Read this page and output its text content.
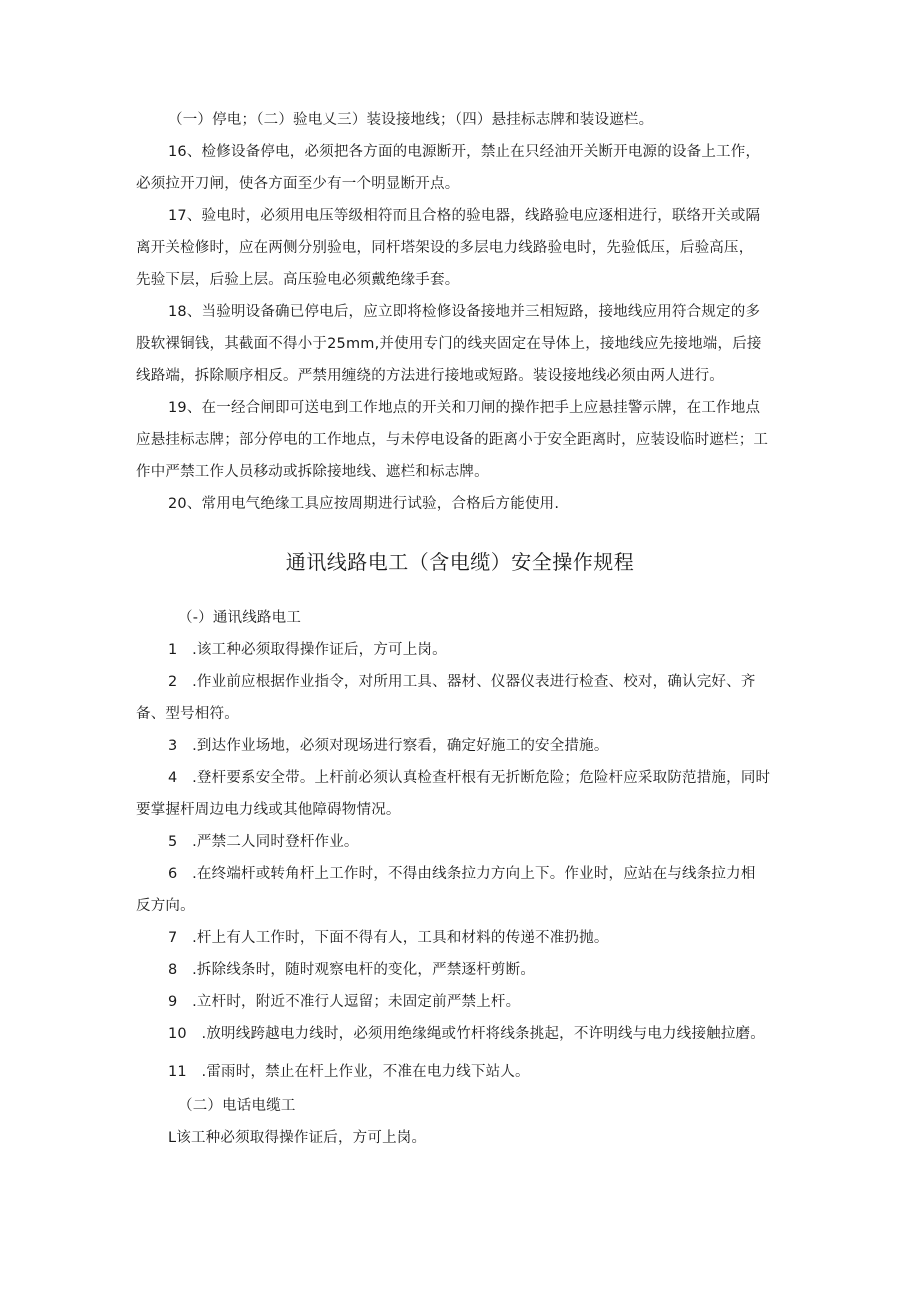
（一）停电；（二）验电乂三）装设接地线；（四）悬挂标志牌和装设遮栏。
16、检修设备停电，必须把各方面的电源断开，禁止在只经油开关断开电源的设备上工作，
必须拉开刀闸，使各方面至少有一个明显断开点。
17、验电时，必须用电压等级相符而且合格的验电器，线路验电应逐相进行，联络开关或隔
离开关检修时，应在两侧分别验电，同杆塔架设的多层电力线路验电时，先验低压，后验高压，
先验下层，后验上层。高压验电必须戴绝缘手套。
18、当验明设备确已停电后，应立即将检修设备接地并三相短路，接地线应用符合规定的多
股软裸铜钱，其截面不得小于25mm,并使用专门的线夹固定在导体上，接地线应先接地端，后接
线路端，拆除顺序相反。严禁用缠绕的方法进行接地或短路。装设接地线必须由两人进行。
19、在一经合闸即可送电到工作地点的开关和刀闸的操作把手上应悬挂警示牌，在工作地点
应悬挂标志牌；部分停电的工作地点，与未停电设备的距离小于安全距离时，应装设临时遮栏；工
作中严禁工作人员移动或拆除接地线、遮栏和标志牌。
20、常用电气绝缘工具应按周期进行试验，合格后方能使用.
通讯线路电工（含电缆）安全操作规程
（-）通讯线路电工
1　.该工种必须取得操作证后，方可上岗。
2　.作业前应根据作业指令，对所用工具、器材、仪器仪表进行检查、校对，确认完好、齐
备、型号相符。
3　.到达作业场地，必须对现场进行察看，确定好施工的安全措施。
4　.登杆要系安全带。上杆前必须认真检查杆根有无折断危险；危险杆应采取防范措施，同时
要掌握杆周边电力线或其他障碍物情况。
5　.严禁二人同时登杆作业。
6　.在终端杆或转角杆上工作时，不得由线条拉力方向上下。作业时，应站在与线条拉力相
反方向。
7　.杆上有人工作时，下面不得有人，工具和材料的传递不准扔抛。
8　.拆除线条时，随时观察电杆的变化，严禁逐杆剪断。
9　.立杆时，附近不准行人逗留；未固定前严禁上杆。
10　.放明线跨越电力线时，必须用绝缘绳或竹杆将线条挑起，不许明线与电力线接触拉磨。
11　.雷雨时，禁止在杆上作业，不准在电力线下站人。
（二）电话电缆工
L该工种必须取得操作证后，方可上岗。
